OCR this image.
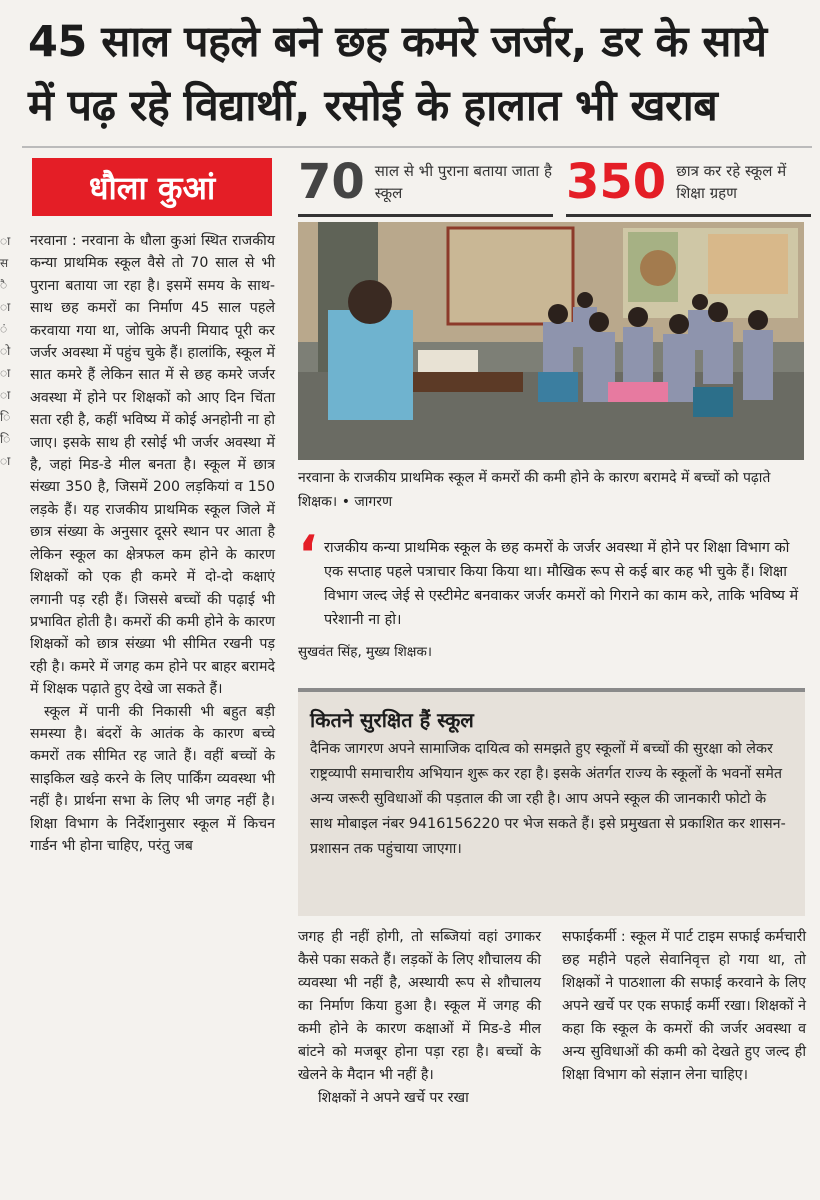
45 साल पहले बने छह कमरे जर्जर, डर के साये
में पढ़ रहे विद्यार्थी, रसोई के हालात भी खराब
ा
स
ै
ा
ं
ो
ा
ा
ि
ि
ा
धौला कुआं	70 साल से भी पुराना बताया जाता है स्कूल	350 छात्र कर रहे स्कूल में शिक्षा ग्रहण

नरवाना : नरवाना के धौला कुआं स्थित राजकीय कन्या प्राथमिक स्कूल वैसे तो 70 साल से भी पुराना बताया जा रहा है। इसमें समय के साथ-साथ छह कमरों का निर्माण 45 साल पहले करवाया गया था, जोकि अपनी मियाद पूरी कर जर्जर अवस्था में पहुंच चुके हैं। हालांकि, स्कूल में सात कमरे हैं लेकिन सात में से छह कमरे जर्जर अवस्था में होने पर शिक्षकों को आए दिन चिंता सता रही है, कहीं भविष्य में कोई अनहोनी ना हो जाए। इसके साथ ही रसोई भी जर्जर अवस्था में है, जहां मिड-डे मील बनता है। स्कूल में छात्र संख्या 350 है, जिसमें 200 लड़कियां व 150 लड़के हैं। यह राजकीय प्राथमिक स्कूल जिले में छात्र संख्या के अनुसार दूसरे स्थान पर आता है लेकिन स्कूल का क्षेत्रफल कम होने के कारण शिक्षकों को एक ही कमरे में दो-दो कक्षाएं लगानी पड़ रही हैं। जिससे बच्चों की पढ़ाई भी प्रभावित होती है। कमरों की कमी होने के कारण शिक्षकों को छात्र संख्या भी सीमित रखनी पड़ रही है। कमरे में जगह कम होने पर बाहर बरामदे में शिक्षक पढ़ाते हुए देखे जा सकते हैं।

स्कूल में पानी की निकासी भी बहुत बड़ी समस्या है। बंदरों के आतंक के कारण बच्चे कमरों तक सीमित रह जाते हैं। वहीं बच्चों के साइकिल खड़े करने के लिए पार्किंग व्यवस्था भी नहीं है। प्रार्थना सभा के लिए भी जगह नहीं है। शिक्षा विभाग के निर्देशानुसार स्कूल में किचन गार्डन भी होना चाहिए, परंतु जब

नरवाना के राजकीय प्राथमिक स्कूल में कमरों की कमी होने के कारण बरामदे में बच्चों को पढ़ाते शिक्षक। • जागरण
‘ राजकीय कन्या प्राथमिक स्कूल के छह कमरों के जर्जर अवस्था में होने पर शिक्षा विभाग को एक सप्ताह पहले पत्राचार किया किया था। मौखिक रूप से कई बार कह भी चुके हैं। शिक्षा विभाग जल्द जेई से एस्टीमेट बनवाकर जर्जर कमरों को गिराने का काम करे, ताकि भविष्य में परेशानी ना हो।
सुखवंत सिंह, मुख्य शिक्षक।
कितने सुरक्षित हैं स्कूल
दैनिक जागरण अपने सामाजिक दायित्व को समझते हुए स्कूलों में बच्चों की सुरक्षा को लेकर राष्ट्रव्यापी समाचारीय अभियान शुरू कर रहा है। इसके अंतर्गत राज्य के स्कूलों के भवनों समेत अन्य जरूरी सुविधाओं की पड़ताल की जा रही है। आप अपने स्कूल की जानकारी फोटो के साथ मोबाइल नंबर 9416156220 पर भेज सकते हैं। इसे प्रमुखता से प्रकाशित कर शासन-प्रशासन तक पहुंचाया जाएगा।

जगह ही नहीं होगी, तो सब्जियां वहां उगाकर कैसे पका सकते हैं। लड़कों के लिए शौचालय की व्यवस्था भी नहीं है, अस्थायी रूप से शौचालय का निर्माण किया हुआ है। स्कूल में जगह की कमी होने के कारण कक्षाओं में मिड-डे मील बांटने को मजबूर होना पड़ा रहा है। बच्चों के खेलने के मैदान भी नहीं है।

शिक्षकों ने अपने खर्चे पर रखा

सफाईकर्मी : स्कूल में पार्ट टाइम सफाई कर्मचारी छह महीने पहले सेवानिवृत्त हो गया था, तो शिक्षकों ने पाठशाला की सफाई करवाने के लिए अपने खर्चे पर एक सफाई कर्मी रखा। शिक्षकों ने कहा कि स्कूल के कमरों की जर्जर अवस्था व अन्य सुविधाओं की कमी को देखते हुए जल्द ही शिक्षा विभाग को संज्ञान लेना चाहिए।
